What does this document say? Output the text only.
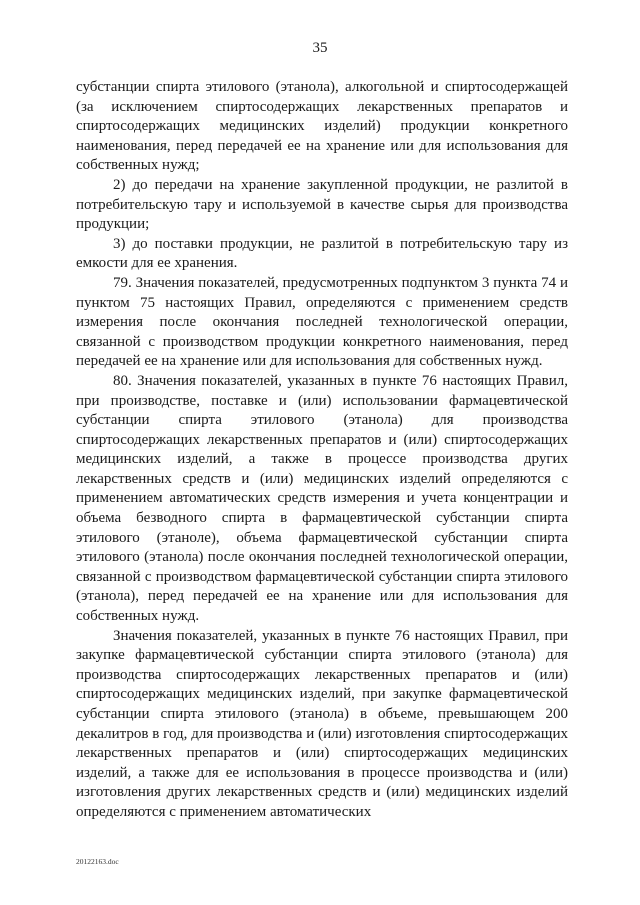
35

субстанции спирта этилового (этанола), алкогольной и спиртосодержащей (за исключением спиртосодержащих лекарственных препаратов и спиртосодержащих медицинских изделий) продукции конкретного наименования, перед передачей ее на хранение или для использования для собственных нужд;

2) до передачи на хранение закупленной продукции, не разлитой в потребительскую тару и используемой в качестве сырья для производства продукции;

3) до поставки продукции, не разлитой в потребительскую тару из емкости для ее хранения.

79. Значения показателей, предусмотренных подпунктом 3 пункта 74 и пунктом 75 настоящих Правил, определяются с применением средств измерения после окончания последней технологической операции, связанной с производством продукции конкретного наименования, перед передачей ее на хранение или для использования для собственных нужд.

80. Значения показателей, указанных в пункте 76 настоящих Правил, при производстве, поставке и (или) использовании фармацевтической субстанции спирта этилового (этанола) для производства спиртосодержащих лекарственных препаратов и (или) спиртосодержащих медицинских изделий, а также в процессе производства других лекарственных средств и (или) медицинских изделий определяются с применением автоматических средств измерения и учета концентрации и объема безводного спирта в фармацевтической субстанции спирта этилового (этаноле), объема фармацевтической субстанции спирта этилового (этанола) после окончания последней технологической операции, связанной с производством фармацевтической субстанции спирта этилового (этанола), перед передачей ее на хранение или для использования для собственных нужд.

Значения показателей, указанных в пункте 76 настоящих Правил, при закупке фармацевтической субстанции спирта этилового (этанола) для производства спиртосодержащих лекарственных препаратов и (или) спиртосодержащих медицинских изделий, при закупке фармацевтической субстанции спирта этилового (этанола) в объеме, превышающем 200 декалитров в год, для производства и (или) изготовления спиртосодержащих лекарственных препаратов и (или) спиртосодержащих медицинских изделий, а также для ее использования в процессе производства и (или) изготовления других лекарственных средств и (или) медицинских изделий определяются с применением автоматических

20122163.doc
